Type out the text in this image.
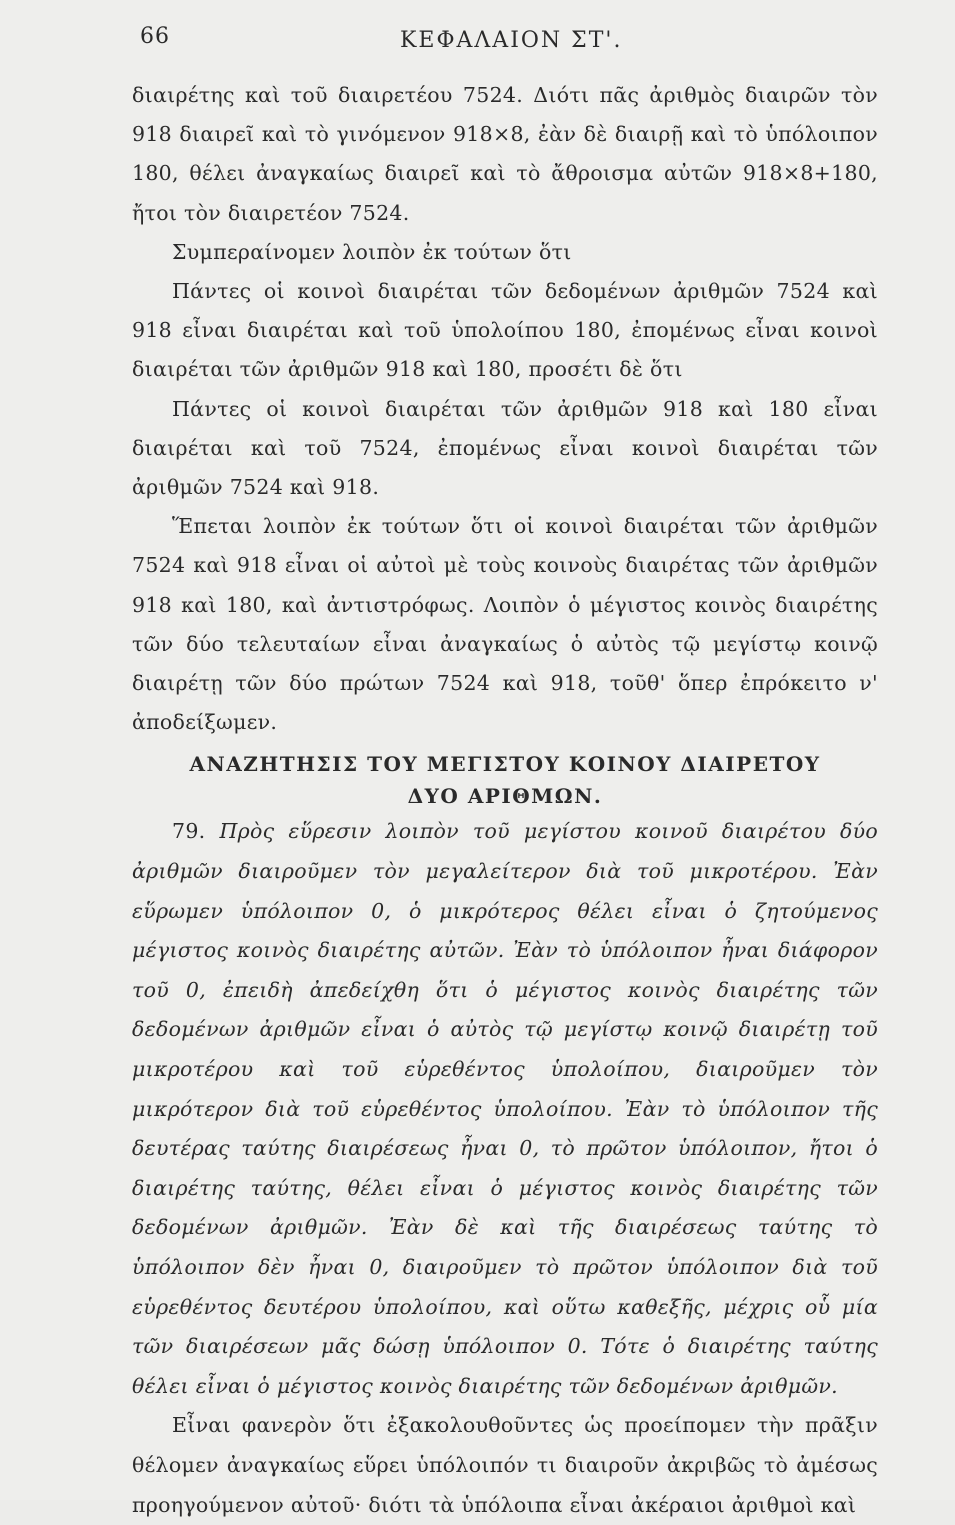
66	ΚΕΦΑΛΑΙΟΝ ΣΤ'.

διαιρέτης καὶ τοῦ διαιρετέου 7524. Διότι πᾶς ἀριθμὸς διαιρῶν τὸν 918 διαιρεῖ καὶ τὸ γινόμενον 918×8, ἐὰν δὲ διαιρῇ καὶ τὸ ὑπόλοιπον 180, θέλει ἀναγκαίως διαιρεῖ καὶ τὸ ἄθροισμα αὐτῶν 918×8+180, ἤτοι τὸν διαιρετέον 7524.

Συμπεραίνομεν λοιπὸν ἐκ τούτων ὅτι

Πάντες οἱ κοινοὶ διαιρέται τῶν δεδομένων ἀριθμῶν 7524 καὶ 918 εἶναι διαιρέται καὶ τοῦ ὑπολοίπου 180, ἐπομένως εἶναι κοινοὶ διαιρέται τῶν ἀριθμῶν 918 καὶ 180, προσέτι δὲ ὅτι

Πάντες οἱ κοινοὶ διαιρέται τῶν ἀριθμῶν 918 καὶ 180 εἶναι διαιρέται καὶ τοῦ 7524, ἐπομένως εἶναι κοινοὶ διαιρέται τῶν ἀριθμῶν 7524 καὶ 918.

Ἕπεται λοιπὸν ἐκ τούτων ὅτι οἱ κοινοὶ διαιρέται τῶν ἀριθμῶν 7524 καὶ 918 εἶναι οἱ αὐτοὶ μὲ τοὺς κοινοὺς διαιρέτας τῶν ἀριθμῶν 918 καὶ 180, καὶ ἀντιστρόφως. Λοιπὸν ὁ μέγιστος κοινὸς διαιρέτης τῶν δύο τελευταίων εἶναι ἀναγκαίως ὁ αὐτὸς τῷ μεγίστῳ κοινῷ διαιρέτῃ τῶν δύο πρώτων 7524 καὶ 918, τοῦθ' ὅπερ ἐπρόκειτο ν' ἀποδείξωμεν.

ΑΝΑΖΗΤΗΣΙΣ ΤΟΥ ΜΕΓΙΣΤΟΥ ΚΟΙΝΟΥ ΔΙΑΙΡΕΤΟΥ
ΔΥΟ ΑΡΙΘΜΩΝ.

79. Πρὸς εὕρεσιν λοιπὸν τοῦ μεγίστου κοινοῦ διαιρέτου δύο ἀριθμῶν διαιροῦμεν τὸν μεγαλείτερον διὰ τοῦ μικροτέρου. Ἐὰν εὕρωμεν ὑπόλοιπον 0, ὁ μικρότερος θέλει εἶναι ὁ ζητούμενος μέγιστος κοινὸς διαιρέτης αὐτῶν. Ἐὰν τὸ ὑπόλοιπον ἦναι διάφορον τοῦ 0, ἐπειδὴ ἀπεδείχθη ὅτι ὁ μέγιστος κοινὸς διαιρέτης τῶν δεδομένων ἀριθμῶν εἶναι ὁ αὐτὸς τῷ μεγίστῳ κοινῷ διαιρέτῃ τοῦ μικροτέρου καὶ τοῦ εὑρεθέντος ὑπολοίπου, διαιροῦμεν τὸν μικρότερον διὰ τοῦ εὑρεθέντος ὑπολοίπου. Ἐὰν τὸ ὑπόλοιπον τῆς δευτέρας ταύτης διαιρέσεως ἦναι 0, τὸ πρῶτον ὑπόλοιπον, ἤτοι ὁ διαιρέτης ταύτης, θέλει εἶναι ὁ μέγιστος κοινὸς διαιρέτης τῶν δεδομένων ἀριθμῶν. Ἐὰν δὲ καὶ τῆς διαιρέσεως ταύτης τὸ ὑπόλοιπον δὲν ἦναι 0, διαιροῦμεν τὸ πρῶτον ὑπόλοιπον διὰ τοῦ εὑρεθέντος δευτέρου ὑπολοίπου, καὶ οὕτω καθεξῆς, μέχρις οὗ μία τῶν διαιρέσεων μᾶς δώσῃ ὑπόλοιπον 0. Τότε ὁ διαιρέτης ταύτης θέλει εἶναι ὁ μέγιστος κοινὸς διαιρέτης τῶν δεδομένων ἀριθμῶν.

Εἶναι φανερὸν ὅτι ἐξακολουθοῦντες ὡς προείπομεν τὴν πρᾶξιν θέλομεν ἀναγκαίως εὕρει ὑπόλοιπόν τι διαιροῦν ἀκριβῶς τὸ ἀμέσως προηγούμενον αὐτοῦ· διότι τὰ ὑπόλοιπα εἶναι ἀκέραιοι ἀριθμοὶ καὶ
